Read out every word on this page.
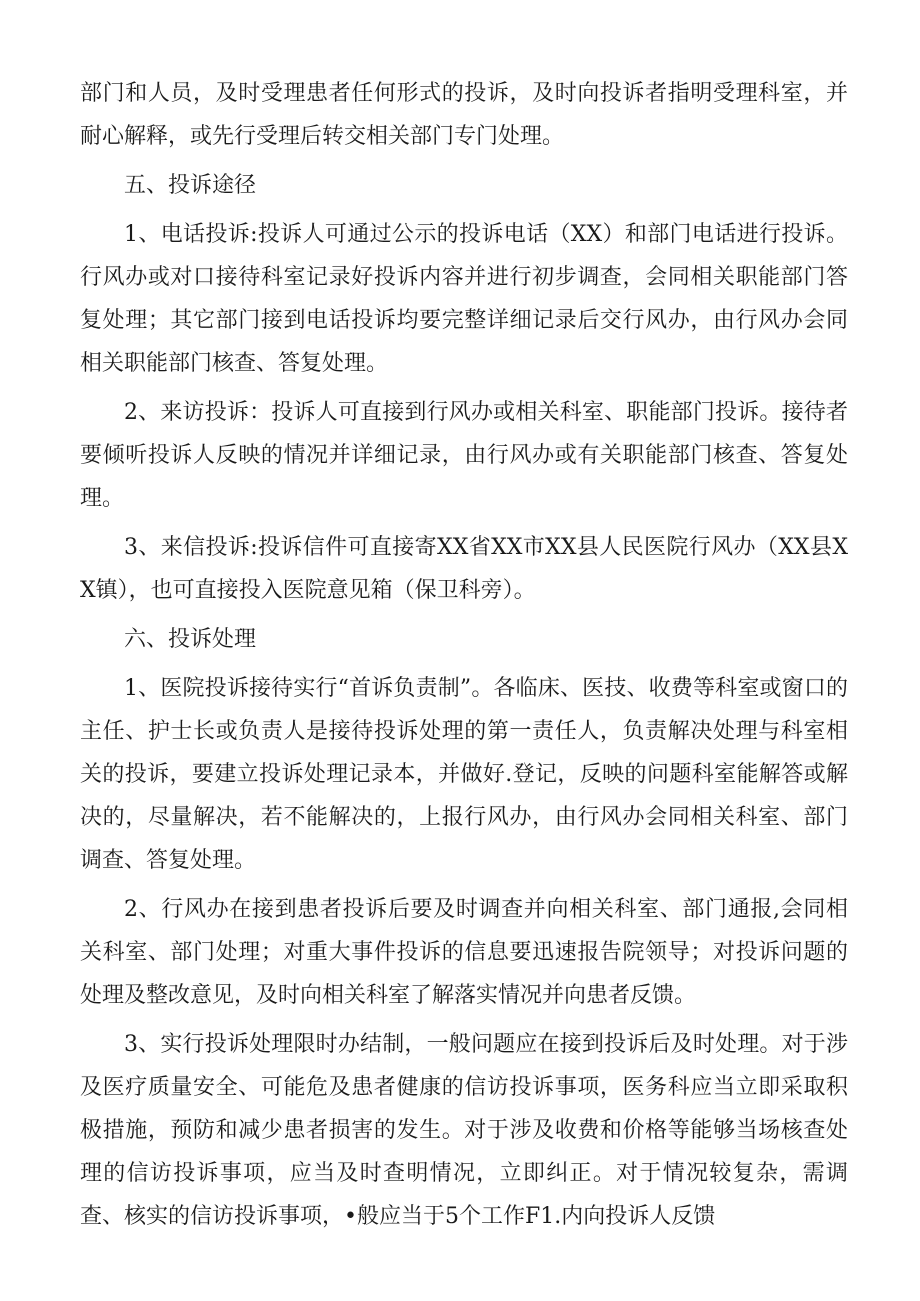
部门和人员，及时受理患者任何形式的投诉，及时向投诉者指明受理科室，并耐心解释，或先行受理后转交相关部门专门处理。

五、投诉途径

1、电话投诉:投诉人可通过公示的投诉电话（XX）和部门电话进行投诉。行风办或对口接待科室记录好投诉内容并进行初步调查，会同相关职能部门答复处理；其它部门接到电话投诉均要完整详细记录后交行风办，由行风办会同相关职能部门核查、答复处理。

2、来访投诉：投诉人可直接到行风办或相关科室、职能部门投诉。接待者要倾听投诉人反映的情况并详细记录，由行风办或有关职能部门核查、答复处理。

3、来信投诉:投诉信件可直接寄XX省XX市XX县人民医院行风办（XX县XX镇），也可直接投入医院意见箱（保卫科旁）。

六、投诉处理

1、医院投诉接待实行“首诉负责制”。各临床、医技、收费等科室或窗口的主任、护士长或负责人是接待投诉处理的第一责任人，负责解决处理与科室相关的投诉，要建立投诉处理记录本，并做好.登记，反映的问题科室能解答或解决的，尽量解决，若不能解决的，上报行风办，由行风办会同相关科室、部门调查、答复处理。

2、行风办在接到患者投诉后要及时调查并向相关科室、部门通报,会同相关科室、部门处理；对重大事件投诉的信息要迅速报告院领导；对投诉问题的处理及整改意见，及时向相关科室了解落实情况并向患者反馈。

3、实行投诉处理限时办结制，一般问题应在接到投诉后及时处理。对于涉及医疗质量安全、可能危及患者健康的信访投诉事项，医务科应当立即采取积极措施，预防和减少患者损害的发生。对于涉及收费和价格等能够当场核查处理的信访投诉事项，应当及时查明情况，立即纠正。对于情况较复杂，需调查、核实的信访投诉事项，•般应当于5个工作F1.内向投诉人反馈
